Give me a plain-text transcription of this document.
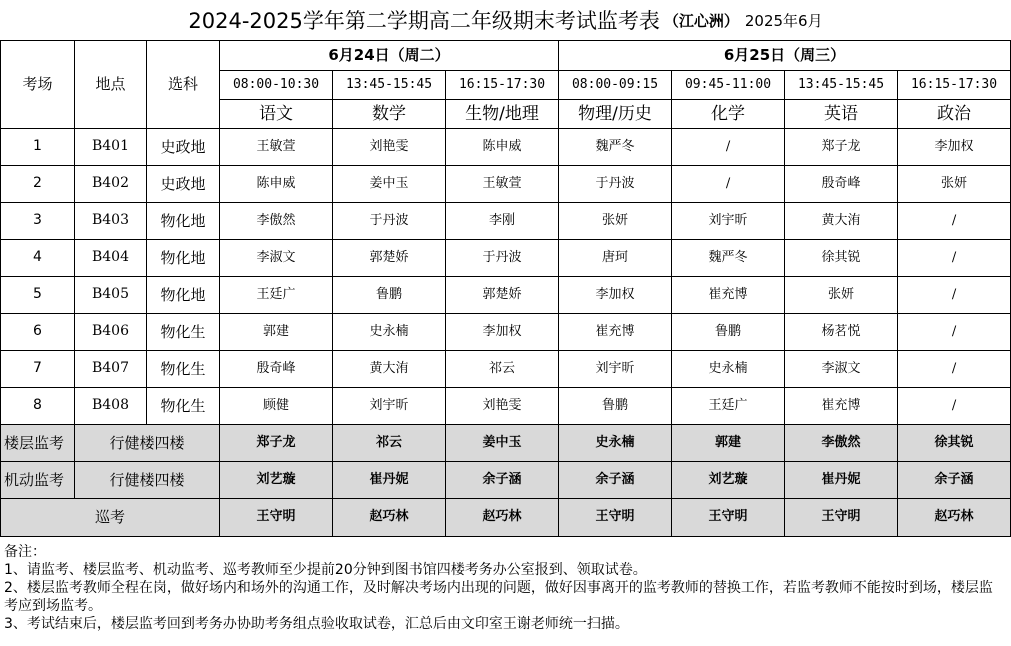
2024-2025学年第二学期高二年级期末考试监考表 （江心洲） 2025年6月
考场	地点	选科	6月24日（周二）			6月25日（周三）			
			08:00-10:30	13:45-15:45	16:15-17:30	08:00-09:15	09:45-11:00	13:45-15:45	16:15-17:30
			语文	数学	生物/地理	物理/历史	化学	英语	政治
1	B401	史政地	王敏萱	刘艳雯	陈申威	魏严冬	/	郑子龙	李加权
2	B402	史政地	陈申威	姜中玉	王敏萱	于丹波	/	殷奇峰	张妍
3	B403	物化地	李傲然	于丹波	李刚	张妍	刘宇昕	黄大洧	/
4	B404	物化地	李淑文	郭楚娇	于丹波	唐珂	魏严冬	徐其锐	/
5	B405	物化地	王廷广	鲁鹏	郭楚娇	李加权	崔充博	张妍	/
6	B406	物化生	郭建	史永楠	李加权	崔充博	鲁鹏	杨茗悦	/
7	B407	物化生	殷奇峰	黄大洧	祁云	刘宇昕	史永楠	李淑文	/
8	B408	物化生	顾健	刘宇昕	刘艳雯	鲁鹏	王廷广	崔充博	/
楼层监考	行健楼四楼		郑子龙	祁云	姜中玉	史永楠	郭建	李傲然	徐其锐
机动监考	行健楼四楼		刘艺璇	崔丹妮	余子涵	余子涵	刘艺璇	崔丹妮	余子涵
巡考			王守明	赵巧林	赵巧林	王守明	王守明	王守明	赵巧林
备注：
1、请监考、楼层监考、机动监考、巡考教师至少提前20分钟到图书馆四楼考务办公室报到、领取试卷。
2、楼层监考教师全程在岗，做好场内和场外的沟通工作，及时解决考场内出现的问题，做好因事离开的监考教师的替换工作，若监考教师不能按时到场，楼层监考应到场监考。
3、考试结束后，楼层监考回到考务办协助考务组点验收取试卷，汇总后由文印室王谢老师统一扫描。
